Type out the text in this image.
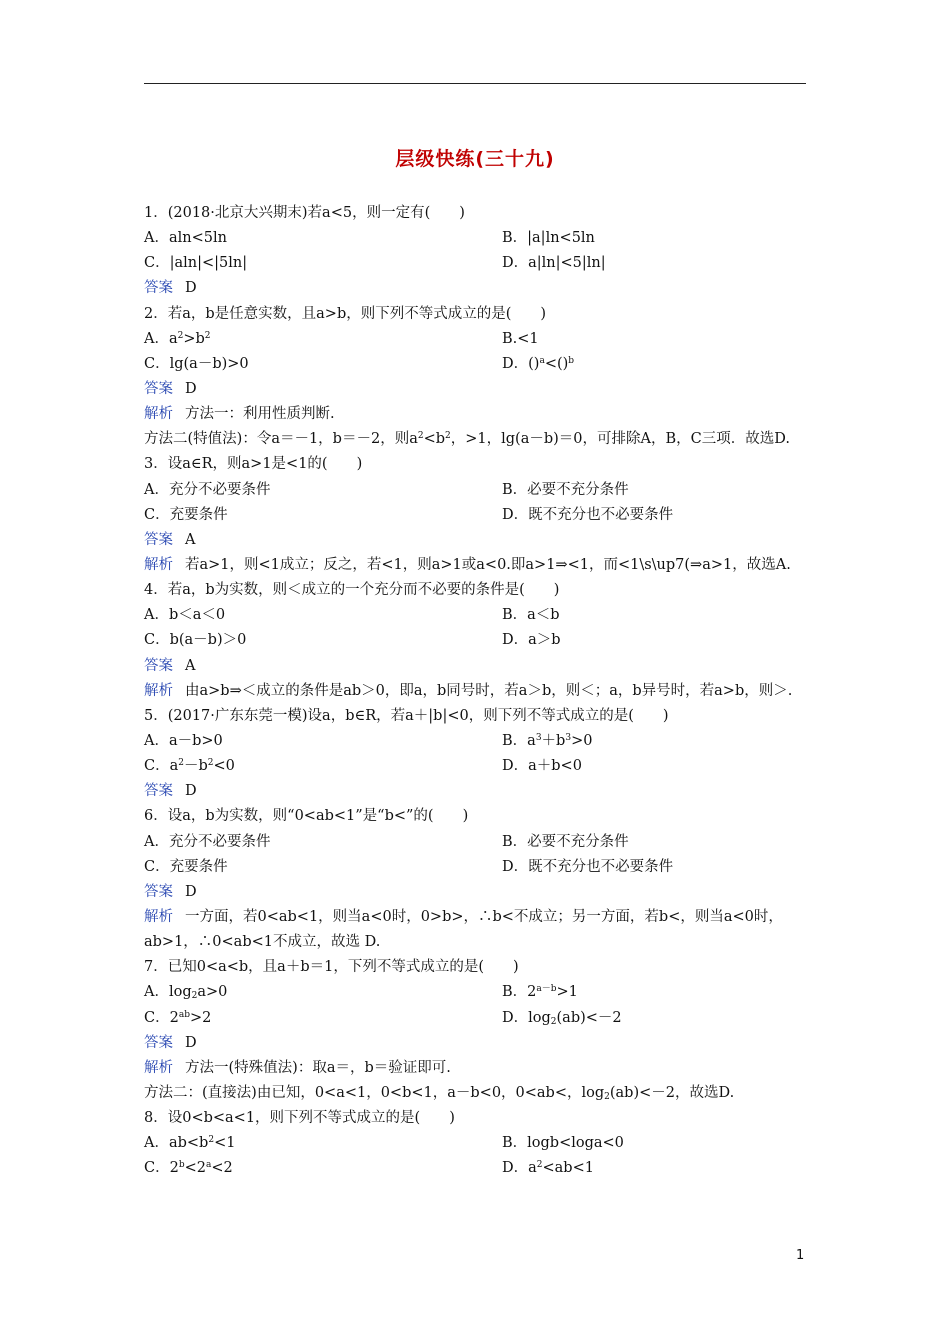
层级快练(三十九)
1．(2018·北京大兴期末)若a<5，则一定有(　　)
A．aln<5ln	B．|a|ln<5ln
C．|aln|<|5ln|	D．a|ln|<5|ln|
答案 D
2．若a，b是任意实数，且a>b，则下列不等式成立的是(　　)
A．$a^2>b^2$	B.<1
C．lg(a－b)>0	D．()$^a$<()$^b$
答案 D
解析 方法一：利用性质判断.
方法二(特值法)：令a＝－1，b＝－2，则$a^2<b^2$，>1，lg(a－b)＝0，可排除A，B，C三项．故选D.
3．设a∈R，则a>1是<1的(　　)
A．充分不必要条件	B．必要不充分条件
C．充要条件	D．既不充分也不必要条件
答案 A
解析 若a>1，则<1成立；反之，若<1，则a>1或a<0.即a>1⇒<1，而<1\s\up7(⇒a>1，故选A.
4．若a，b为实数，则＜成立的一个充分而不必要的条件是(　　)
A．b＜a＜0	B．a＜b
C．b(a－b)＞0	D．a＞b
答案 A
解析 由a>b⇒＜成立的条件是ab＞0，即a，b同号时，若a＞b，则＜；a，b异号时，若a>b，则＞.
5．(2017·广东东莞一模)设a，b∈R，若a＋|b|<0，则下列不等式成立的是(　　)
A．a－b>0	B．$a^3+b^3>0$
C．$a^2-b^2<0$	D．a＋b<0
答案 D
6．设a，b为实数，则“0<ab<1”是“b<”的(　　)
A．充分不必要条件	B．必要不充分条件
C．充要条件	D．既不充分也不必要条件
答案 D
解析 一方面，若0<ab<1，则当a<0时，0>b>，∴b<不成立；另一方面，若b<，则当a<0时，ab>1，∴0<ab<1不成立，故选 D.
7．已知0<a<b，且a＋b＝1，下列不等式成立的是(　　)
A．$\log_2a>0$	B．$2^{a-b}>1$
C．$2^{ab}>2$	D．$\log_2(ab)<-2$
答案 D
解析 方法一(特殊值法)：取a＝，b＝验证即可.
方法二：(直接法)由已知，0<a<1，0<b<1，a－b<0，0<ab<，$\log_2(ab)<-2$，故选D.
8．设0<b<a<1，则下列不等式成立的是(　　)
A．$ab<b^2<1$	B．logb<loga<0
C．$2^b<2^a<2$	D．$a^2<ab<1$
1
